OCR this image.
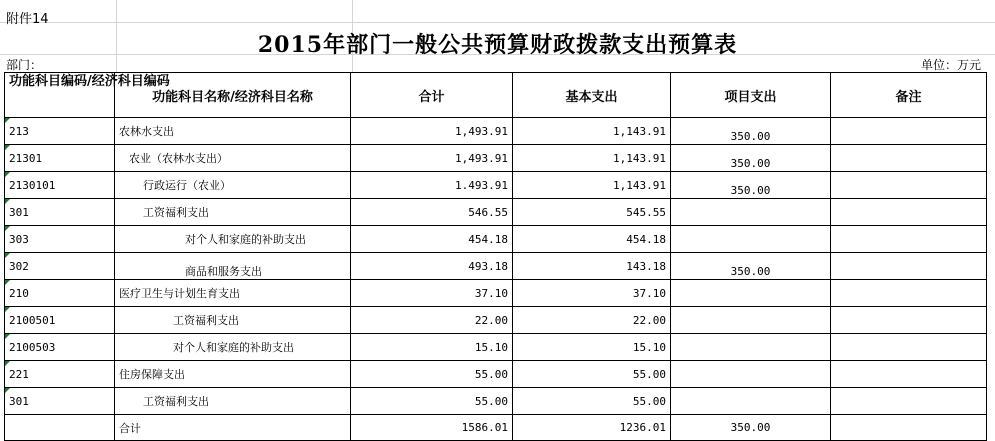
附件14
2015年部门一般公共预算财政拨款支出预算表
部门：	单位：万元
功能科目编码/经济科目编码	功能科目名称/经济科目名称	合计	基本支出	项目支出	备注

213	农林水支出	1,493.91	1,143.91	350.00	

21301	农业（农林水支出）	1,493.91	1,143.91	350.00	

2130101	行政运行（农业）	1.493.91	1,143.91	350.00	

301	工资福利支出	546.55	545.55		

303	对个人和家庭的补助支出	454.18	454.18		

302	商品和服务支出	493.18	143.18	350.00	

210	医疗卫生与计划生育支出	37.10	37.10		

2100501	工资福利支出	22.00	22.00		

2100503	对个人和家庭的补助支出	15.10	15.10		

221	住房保障支出	55.00	55.00		

301	工资福利支出	55.00	55.00		
	合计	1586.01	1236.01	350.00	
